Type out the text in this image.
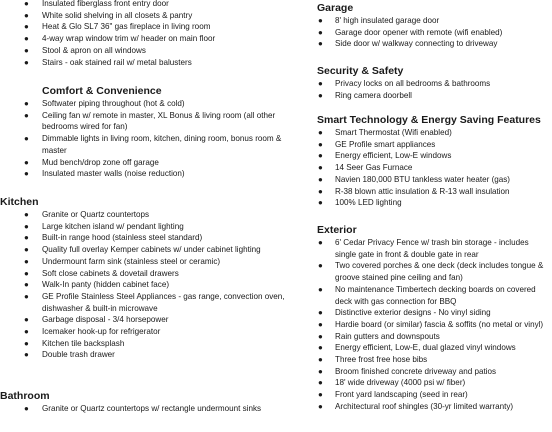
● Insulated fiberglass front entry door
● White solid shelving in all closets & pantry
● Heat & Glo SL7 36" gas fireplace in living room
● 4-way wrap window trim w/ header on main floor
● Stool & apron on all windows
● Stairs - oak stained rail w/ metal balusters
Comfort & Convenience
● Softwater piping throughout (hot & cold)
● Ceiling fan w/ remote in master, XL Bonus & living room (all other bedrooms wired for fan)
● Dimmable lights in living room, kitchen, dining room, bonus room & master
● Mud bench/drop zone off garage
● Insulated master walls (noise reduction)
Kitchen
● Granite or Quartz countertops
● Large kitchen island w/ pendant lighting
● Built-in range hood (stainless steel standard)
● Quality full overlay Kemper cabinets w/ under cabinet lighting
● Undermount farm sink (stainless steel or ceramic)
● Soft close cabinets & dovetail drawers
● Walk-In panty (hidden cabinet face)
● GE Profile Stainless Steel Appliances - gas range, convection oven, dishwasher & built-in microwave
● Garbage disposal - 3/4 horsepower
● Icemaker hook-up for refrigerator
● Kitchen tile backsplash
● Double trash drawer
Bathroom
● Granite or Quartz countertops w/ rectangle undermount sinks
Garage
● 8' high insulated garage door
● Garage door opener with remote (wifi enabled)
● Side door w/ walkway connecting to driveway
Security & Safety
● Privacy locks on all bedrooms & bathrooms
● Ring camera doorbell
Smart Technology & Energy Saving Features
● Smart Thermostat (Wifi enabled)
● GE Profile smart appliances
● Energy efficient, Low-E windows
● 14 Seer Gas Furnace
● Navien 180,000 BTU tankless water heater (gas)
● R-38 blown attic insulation & R-13 wall insulation
● 100% LED lighting
Exterior
● 6' Cedar Privacy Fence w/ trash bin storage - includes single gate in front & double gate in rear
● Two covered porches & one deck (deck includes tongue & groove stained pine ceiling and fan)
● No maintenance Timbertech decking boards on covered deck with gas connection for BBQ
● Distinctive exterior designs - No vinyl siding
● Hardie board (or similar) fascia & soffits (no metal or vinyl)
● Rain gutters and downspouts
● Energy efficient, Low-E, dual glazed vinyl windows
● Three frost free hose bibs
● Broom finished concrete driveway and patios
● 18' wide driveway (4000 psi w/ fiber)
● Front yard landscaping (seed in rear)
● Architectural roof shingles (30-yr limited warranty)
